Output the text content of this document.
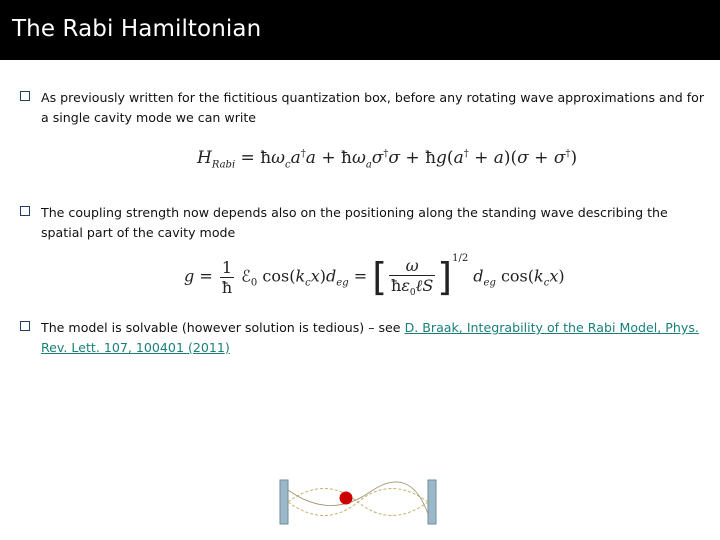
The Rabi Hamiltonian
As previously written for the fictitious quantization box, before any rotating wave approximations and for a single cavity mode we can write
$H_{Rabi}$ = $ħ\omega_ca^\dagger a$ + $ħ\omega_a\sigma^\dagger\sigma$ + ħg(a† + a)(σ + σ†)
The coupling strength now depends also on the positioning along the standing wave describing the spatial part of the cavity mode
$g = \frac{1}{ħ}$ ℰ$_0$ $\cos(k_cx)d_{eg}$ = [ $\frac{\omega}{ħ\varepsilon_0\ell S} ]^{1/2}$ $d_{eg}$ $\cos(k_cx)$
The model is solvable (however solution is tedious) – see D. Braak, Integrability of the Rabi Model, Phys. Rev. Lett. 107, 100401 (2011)
